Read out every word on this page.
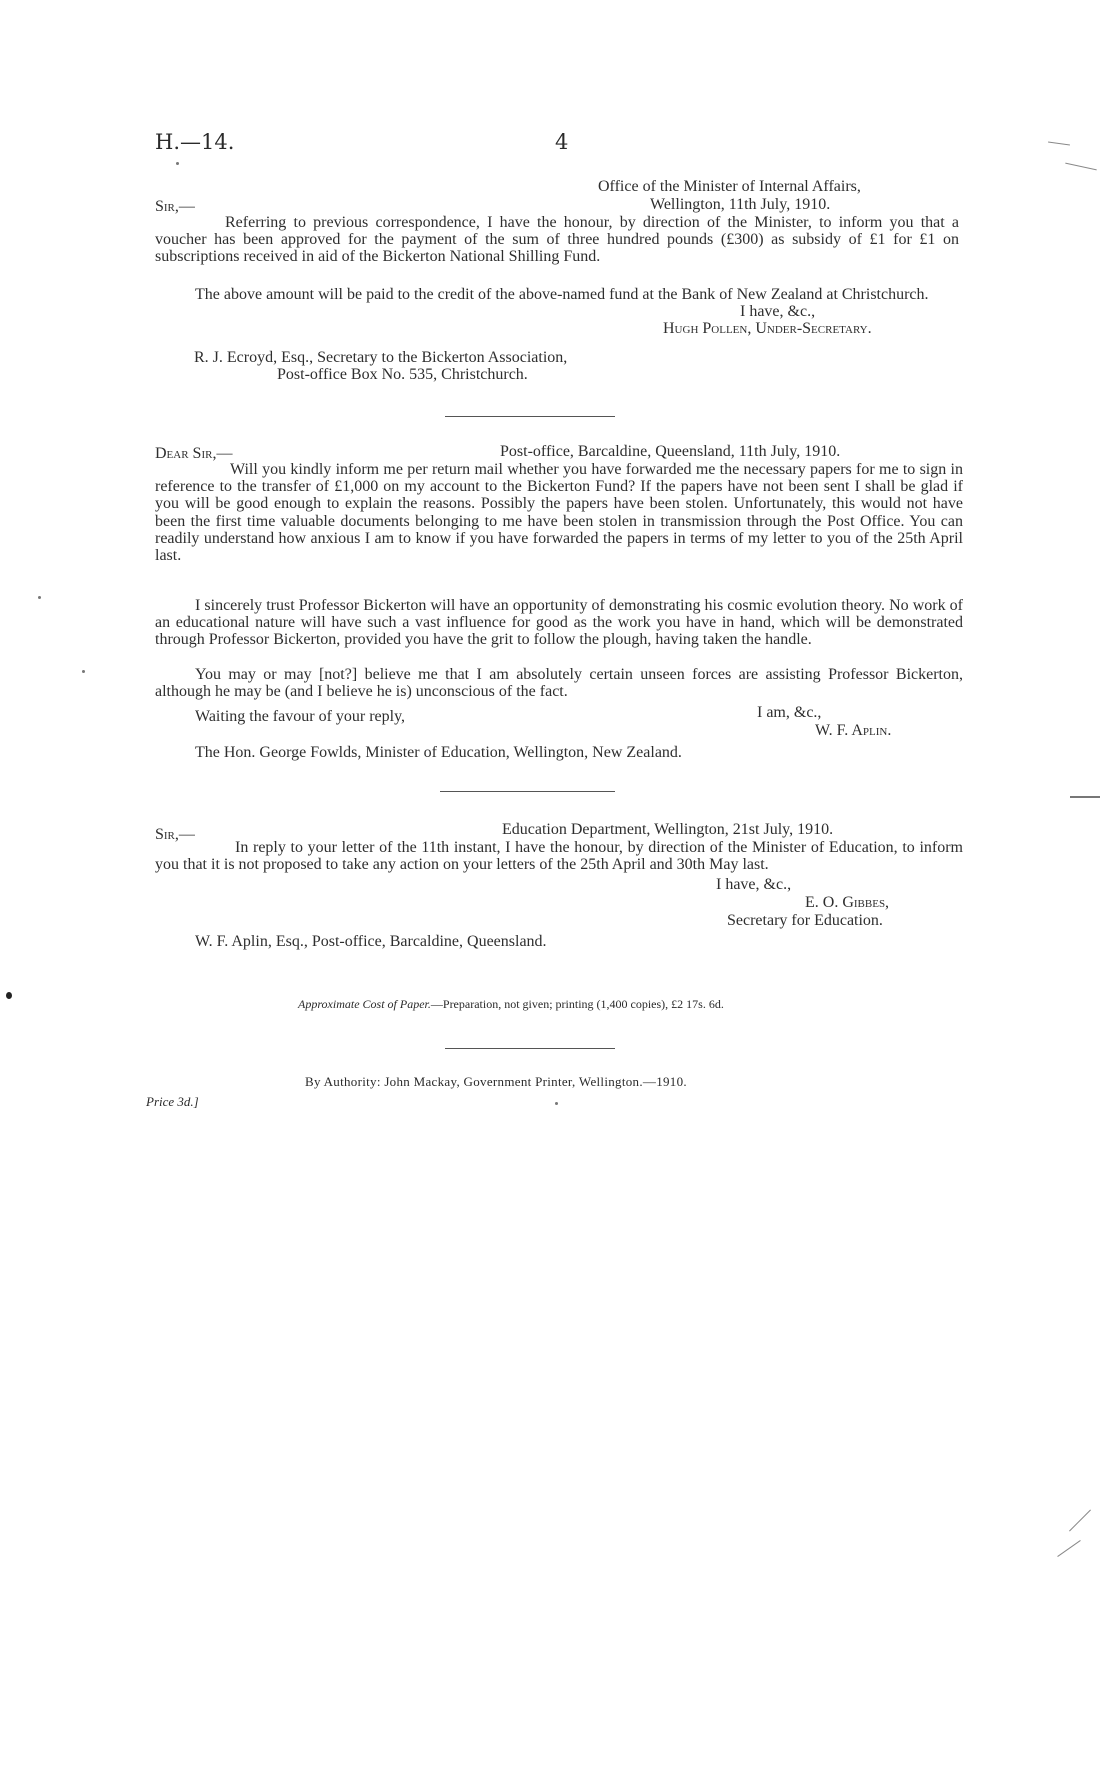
H.—14.	4
Office of the Minister of Internal Affairs,
Sir,—	Wellington, 11th July, 1910.
Referring to previous correspondence, I have the honour, by direction of the Minister, to inform you that a voucher has been approved for the payment of the sum of three hundred pounds (£300) as subsidy of £1 for £1 on subscriptions received in aid of the Bickerton National Shilling Fund.
The above amount will be paid to the credit of the above-named fund at the Bank of New Zealand at Christchurch.
I have, &c.,
Hugh Pollen, Under-Secretary.
R. J. Ecroyd, Esq., Secretary to the Bickerton Association,
Post-office Box No. 535, Christchurch.
Dear Sir,—	Post-office, Barcaldine, Queensland, 11th July, 1910.
Will you kindly inform me per return mail whether you have forwarded me the necessary papers for me to sign in reference to the transfer of £1,000 on my account to the Bickerton Fund? If the papers have not been sent I shall be glad if you will be good enough to explain the reasons. Possibly the papers have been stolen. Unfortunately, this would not have been the first time valuable documents belonging to me have been stolen in transmission through the Post Office. You can readily understand how anxious I am to know if you have forwarded the papers in terms of my letter to you of the 25th April last.
I sincerely trust Professor Bickerton will have an opportunity of demonstrating his cosmic evolution theory. No work of an educational nature will have such a vast influence for good as the work you have in hand, which will be demonstrated through Professor Bickerton, provided you have the grit to follow the plough, having taken the handle.
You may or may [not?] believe me that I am absolutely certain unseen forces are assisting Professor Bickerton, although he may be (and I believe he is) unconscious of the fact.
Waiting the favour of your reply,	I am, &c.,
W. F. Aplin.
The Hon. George Fowlds, Minister of Education, Wellington, New Zealand.
Sir,—	Education Department, Wellington, 21st July, 1910.
In reply to your letter of the 11th instant, I have the honour, by direction of the Minister of Education, to inform you that it is not proposed to take any action on your letters of the 25th April and 30th May last.
I have, &c.,
E. O. Gibbes,
Secretary for Education.
W. F. Aplin, Esq., Post-office, Barcaldine, Queensland.
Approximate Cost of Paper.—Preparation, not given; printing (1,400 copies), £2 17s. 6d.
By Authority: John Mackay, Government Printer, Wellington.—1910.
Price 3d.]
